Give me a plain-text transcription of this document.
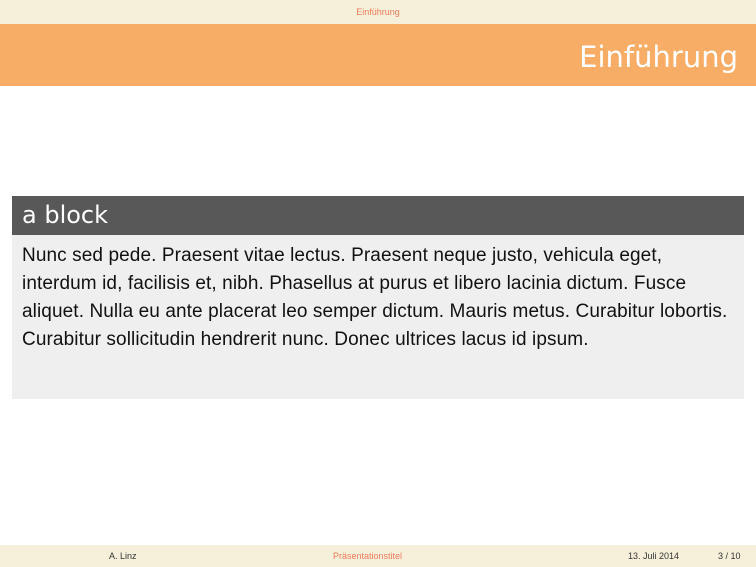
Einführung
Einführung
a block
Nunc sed pede. Praesent vitae lectus. Praesent neque justo, vehicula eget, interdum id, facilisis et, nibh. Phasellus at purus et libero lacinia dictum. Fusce aliquet. Nulla eu ante placerat leo semper dictum. Mauris metus. Curabitur lobortis. Curabitur sollicitudin hendrerit nunc. Donec ultrices lacus id ipsum.
A. Linz	Präsentationstitel	13. Juli 2014	3 / 10
